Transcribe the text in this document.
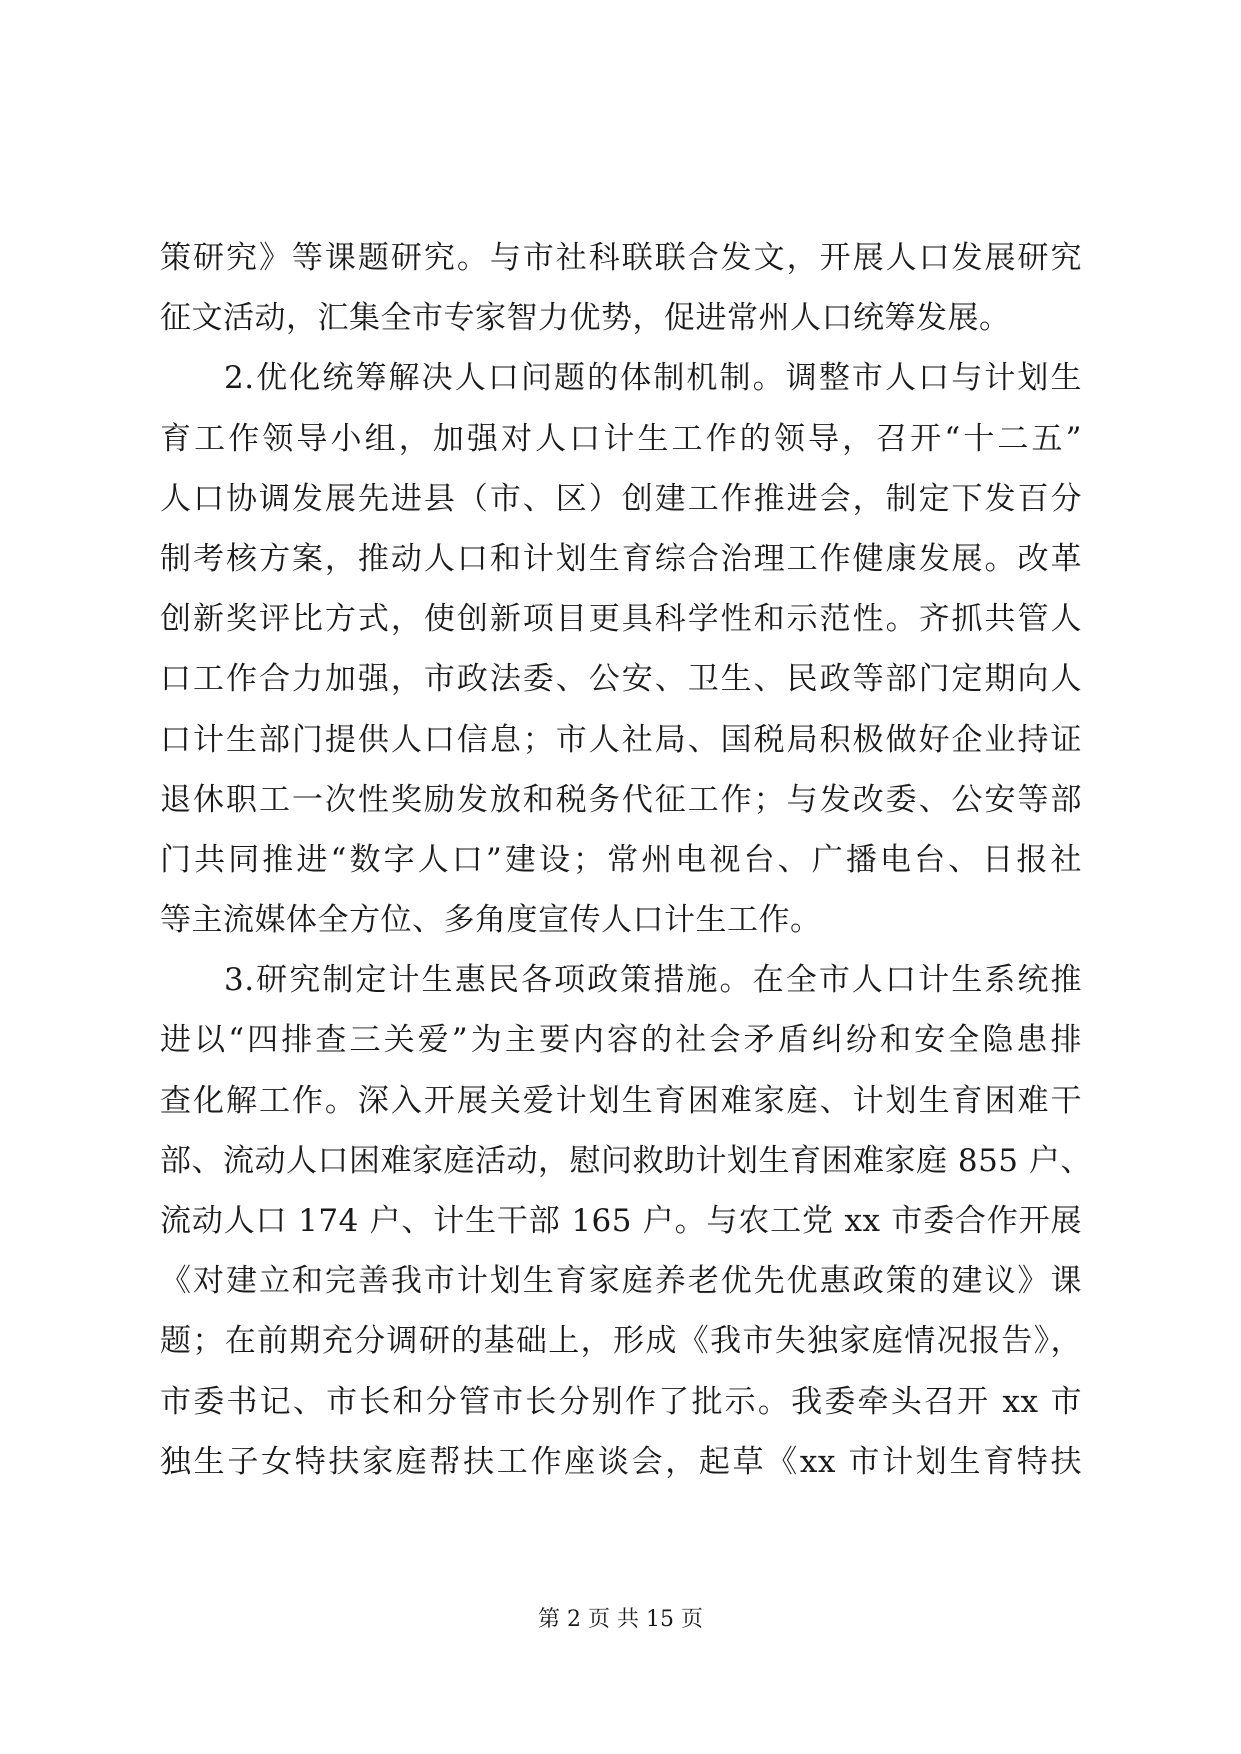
策研究》等课题研究。与市社科联联合发文，开展人口发展研究
征文活动，汇集全市专家智力优势，促进常州人口统筹发展。
2.优化统筹解决人口问题的体制机制。调整市人口与计划生
育工作领导小组，加强对人口计生工作的领导，召开“十二五”
人口协调发展先进县（市、区）创建工作推进会，制定下发百分
制考核方案，推动人口和计划生育综合治理工作健康发展。改革
创新奖评比方式，使创新项目更具科学性和示范性。齐抓共管人
口工作合力加强，市政法委、公安、卫生、民政等部门定期向人
口计生部门提供人口信息；市人社局、国税局积极做好企业持证
退休职工一次性奖励发放和税务代征工作；与发改委、公安等部
门共同推进“数字人口”建设；常州电视台、广播电台、日报社
等主流媒体全方位、多角度宣传人口计生工作。
3.研究制定计生惠民各项政策措施。在全市人口计生系统推
进以“四排查三关爱”为主要内容的社会矛盾纠纷和安全隐患排
查化解工作。深入开展关爱计划生育困难家庭、计划生育困难干
部、流动人口困难家庭活动，慰问救助计划生育困难家庭 855 户、
流动人口 174 户、计生干部 165 户。与农工党 xx 市委合作开展
《对建立和完善我市计划生育家庭养老优先优惠政策的建议》课
题；在前期充分调研的基础上，形成《我市失独家庭情况报告》，
市委书记、市长和分管市长分别作了批示。我委牵头召开 xx 市
独生子女特扶家庭帮扶工作座谈会，起草《xx 市计划生育特扶
第 2 页 共 15 页
